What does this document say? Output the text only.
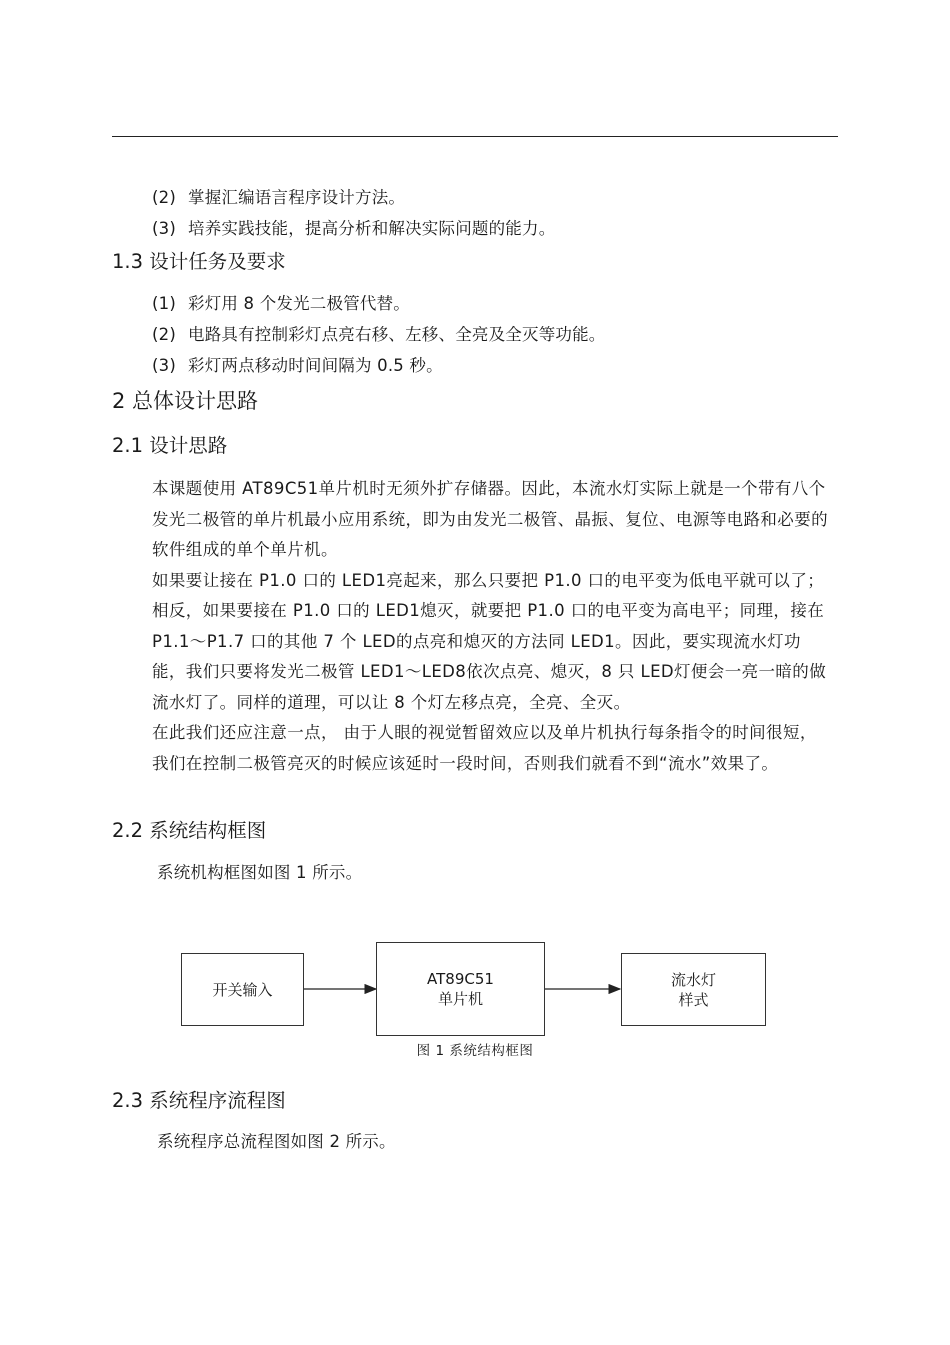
(2) 掌握汇编语言程序设计方法。
(3) 培养实践技能，提高分析和解决实际问题的能力。
1.3 设计任务及要求
(1) 彩灯用 8 个发光二极管代替。
(2) 电路具有控制彩灯点亮右移、左移、全亮及全灭等功能。
(3) 彩灯两点移动时间间隔为 0.5 秒。
2 总体设计思路
2.1 设计思路

本课题使用 AT89C51单片机时无须外扩存储器。因此，本流水灯实际上就是一个带有八个发光二极管的单片机最小应用系统，即为由发光二极管、晶振、复位、电源等电路和必要的软件组成的单个单片机。

如果要让接在 P1.0 口的 LED1亮起来，那么只要把 P1.0 口的电平变为低电平就可以了；相反，如果要接在 P1.0 口的 LED1熄灭，就要把 P1.0 口的电平变为高电平；同理，接在 P1.1～P1.7 口的其他 7 个 LED的点亮和熄灭的方法同 LED1。因此，要实现流水灯功能，我们只要将发光二极管 LED1～LED8依次点亮、熄灭，8 只 LED灯便会一亮一暗的做流水灯了。同样的道理，可以让 8 个灯左移点亮，全亮、全灭。

在此我们还应注意一点， 由于人眼的视觉暂留效应以及单片机执行每条指令的时间很短，我们在控制二极管亮灭的时候应该延时一段时间，否则我们就看不到“流水”效果了。

2.2 系统结构框图
系统机构框图如图 1 所示。
开关输入
AT89C51
单片机
流水灯
样式
图 1 系统结构框图
2.3 系统程序流程图
系统程序总流程图如图 2 所示。
